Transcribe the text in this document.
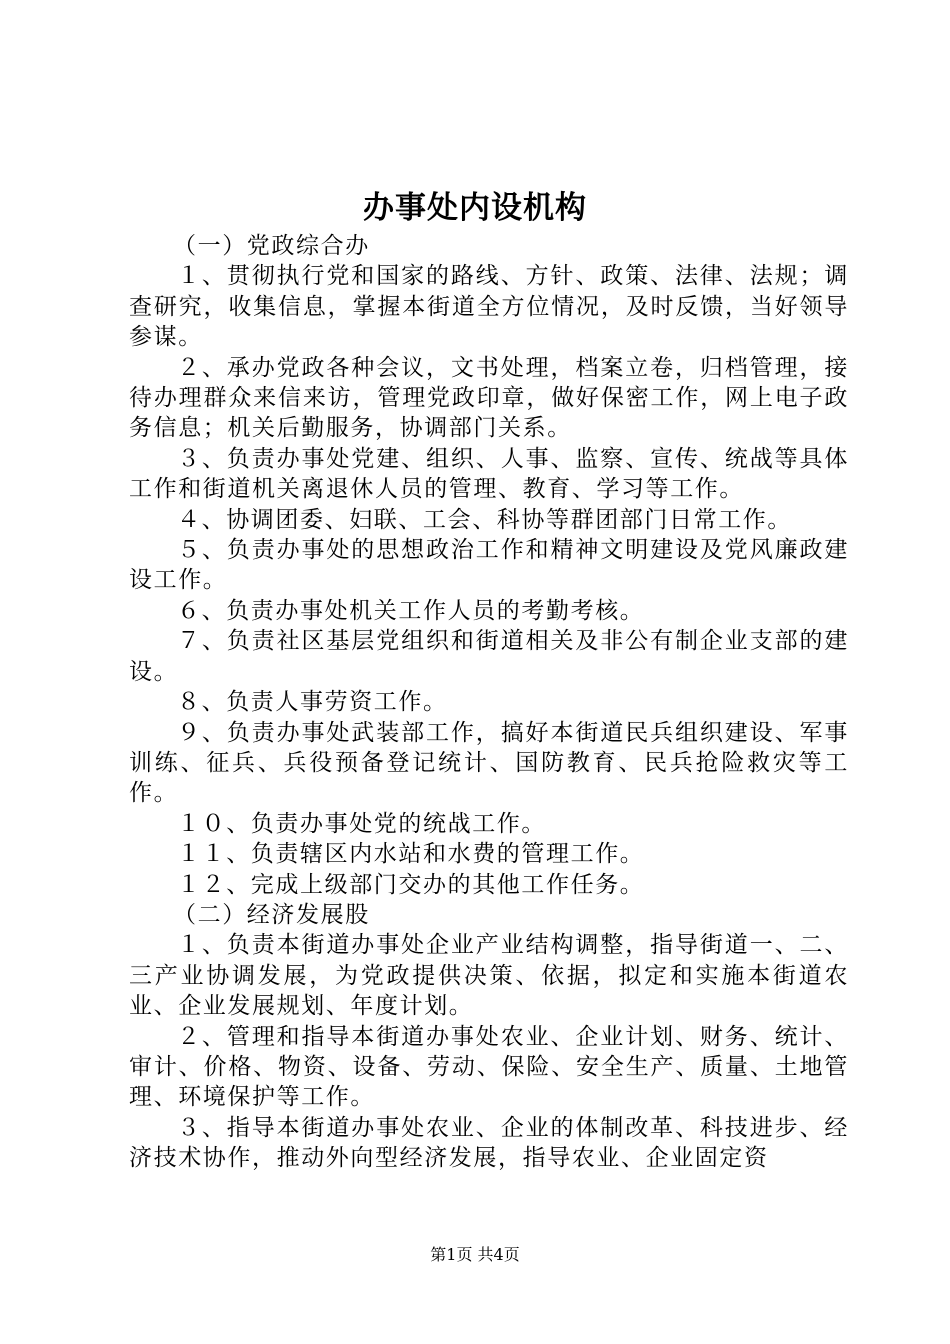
办事处内设机构

（一）党政综合办

１、贯彻执行党和国家的路线、方针、政策、法律、法规；调查研究，收集信息，掌握本街道全方位情况，及时反馈，当好领导参谋。

２、承办党政各种会议，文书处理，档案立卷，归档管理，接待办理群众来信来访，管理党政印章，做好保密工作，网上电子政务信息；机关后勤服务，协调部门关系。

３、负责办事处党建、组织、人事、监察、宣传、统战等具体工作和街道机关离退休人员的管理、教育、学习等工作。

４、协调团委、妇联、工会、科协等群团部门日常工作。

５、负责办事处的思想政治工作和精神文明建设及党风廉政建设工作。

６、负责办事处机关工作人员的考勤考核。

７、负责社区基层党组织和街道相关及非公有制企业支部的建设。

８、负责人事劳资工作。

９、负责办事处武装部工作，搞好本街道民兵组织建设、军事训练、征兵、兵役预备登记统计、国防教育、民兵抢险救灾等工作。

１０、负责办事处党的统战工作。

１１、负责辖区内水站和水费的管理工作。

１２、完成上级部门交办的其他工作任务。

（二）经济发展股

１、负责本街道办事处企业产业结构调整，指导街道一、二、三产业协调发展，为党政提供决策、依据，拟定和实施本街道农业、企业发展规划、年度计划。

２、管理和指导本街道办事处农业、企业计划、财务、统计、审计、价格、物资、设备、劳动、保险、安全生产、质量、土地管理、环境保护等工作。

３、指导本街道办事处农业、企业的体制改革、科技进步、经济技术协作，推动外向型经济发展，指导农业、企业固定资

第1页 共4页
